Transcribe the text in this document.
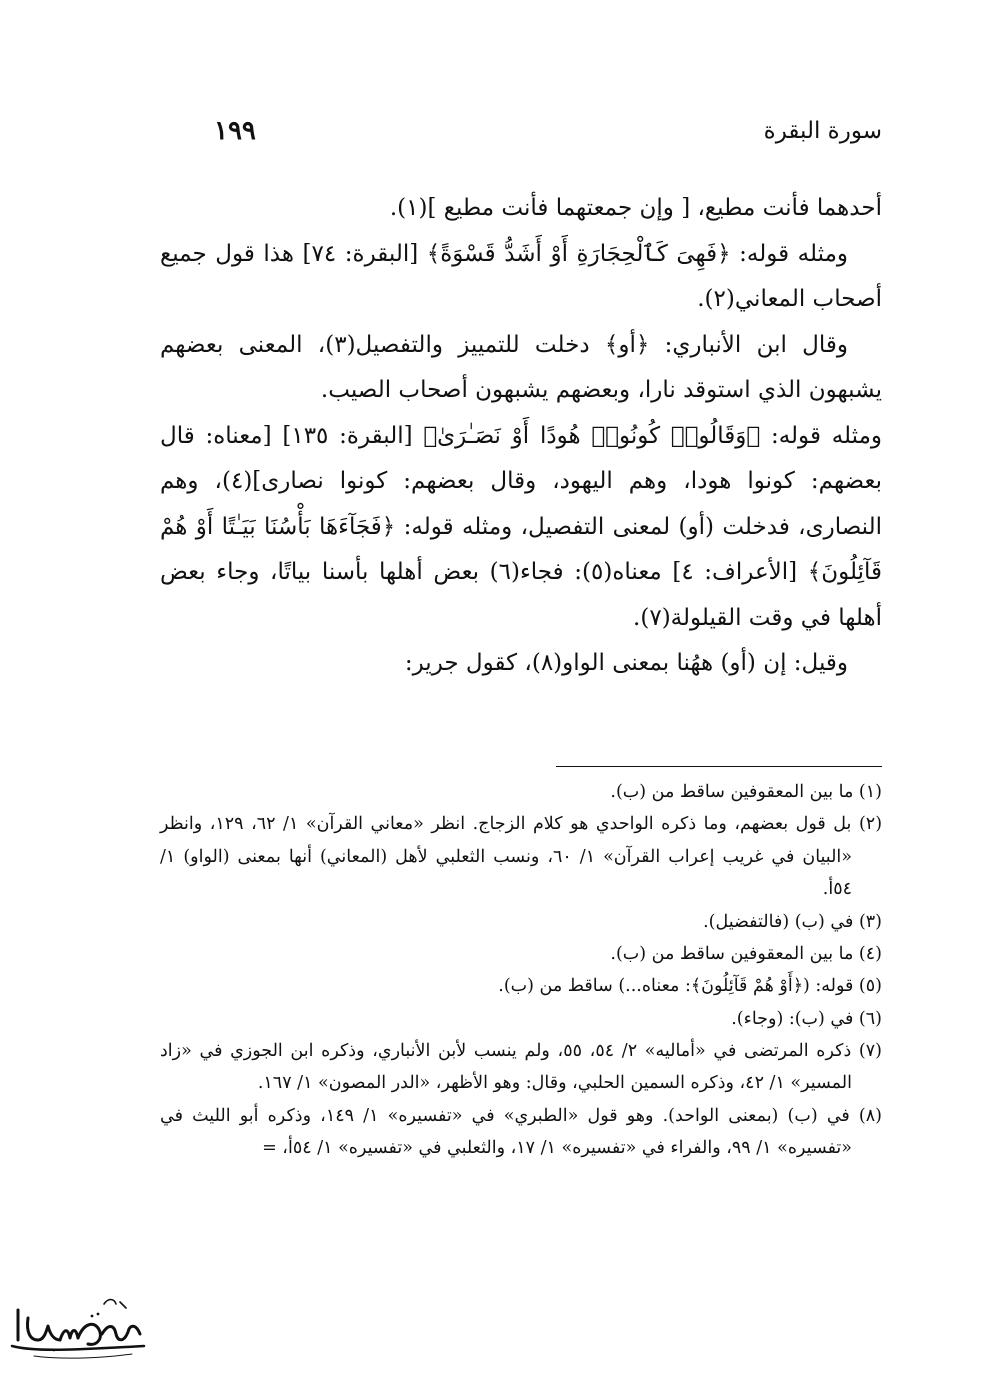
سورة البقرة
١٩٩

أحدهما فأنت مطيع، [ وإن جمعتهما فأنت مطيع ](١).

ومثله قوله: ﴿فَهِىَ كَٱلْحِجَارَةِ أَوْ أَشَدُّ قَسْوَةً﴾ [البقرة: ٧٤] هذا قول جميع أصحاب المعاني(٢).

وقال ابن الأنباري: ﴿أو﴾ دخلت للتمييز والتفصيل(٣)، المعنى بعضهم يشبهون الذي استوقد نارا، وبعضهم يشبهون أصحاب الصيب.

ومثله قوله: ﴿وَقَالُوا۟ كُونُوا۟ هُودًا أَوْ نَصَـٰرَىٰ﴾ [البقرة: ١٣٥] [معناه: قال بعضهم: كونوا هودا، وهم اليهود، وقال بعضهم: كونوا نصارى](٤)، وهم النصارى، فدخلت (أو) لمعنى التفصيل، ومثله قوله: ﴿فَجَآءَهَا بَأْسُنَا بَيَـٰتًا أَوْ هُمْ قَآئِلُونَ﴾ [الأعراف: ٤] معناه(٥): فجاء(٦) بعض أهلها بأسنا بياتًا، وجاء بعض أهلها في وقت القيلولة(٧).

وقيل: إن (أو) ههُنا بمعنى الواو(٨)، كقول جرير:

(١) ما بين المعقوفين ساقط من (ب).

(٢) بل قول بعضهم، وما ذكره الواحدي هو كلام الزجاج. انظر «معاني القرآن» ١/ ٦٢، ١٢٩، وانظر «البيان في غريب إعراب القرآن» ١/ ٦٠، ونسب الثعلبي لأهل (المعاني) أنها بمعنى (الواو) ١/ ٥٤أ.

(٣) في (ب) (فالتفضيل).

(٤) ما بين المعقوفين ساقط من (ب).

(٥) قوله: (﴿أَوْ هُمْ قَآئِلُونَ﴾: معناه...) ساقط من (ب).

(٦) في (ب): (وجاء).

(٧) ذكره المرتضى في «أماليه» ٢/ ٥٤، ٥٥، ولم ينسب لأبن الأنباري، وذكره ابن الجوزي في «زاد المسير» ١/ ٤٢، وذكره السمين الحلبي، وقال: وهو الأظهر، «الدر المصون» ١/ ١٦٧.

(٨) في (ب) (بمعنى الواحد). وهو قول «الطبري» في «تفسيره» ١/ ١٤٩، وذكره أبو الليث في «تفسيره» ١/ ٩٩، والفراء في «تفسيره» ١/ ١٧، والثعلبي في «تفسيره» ١/ ٥٤أ، =
